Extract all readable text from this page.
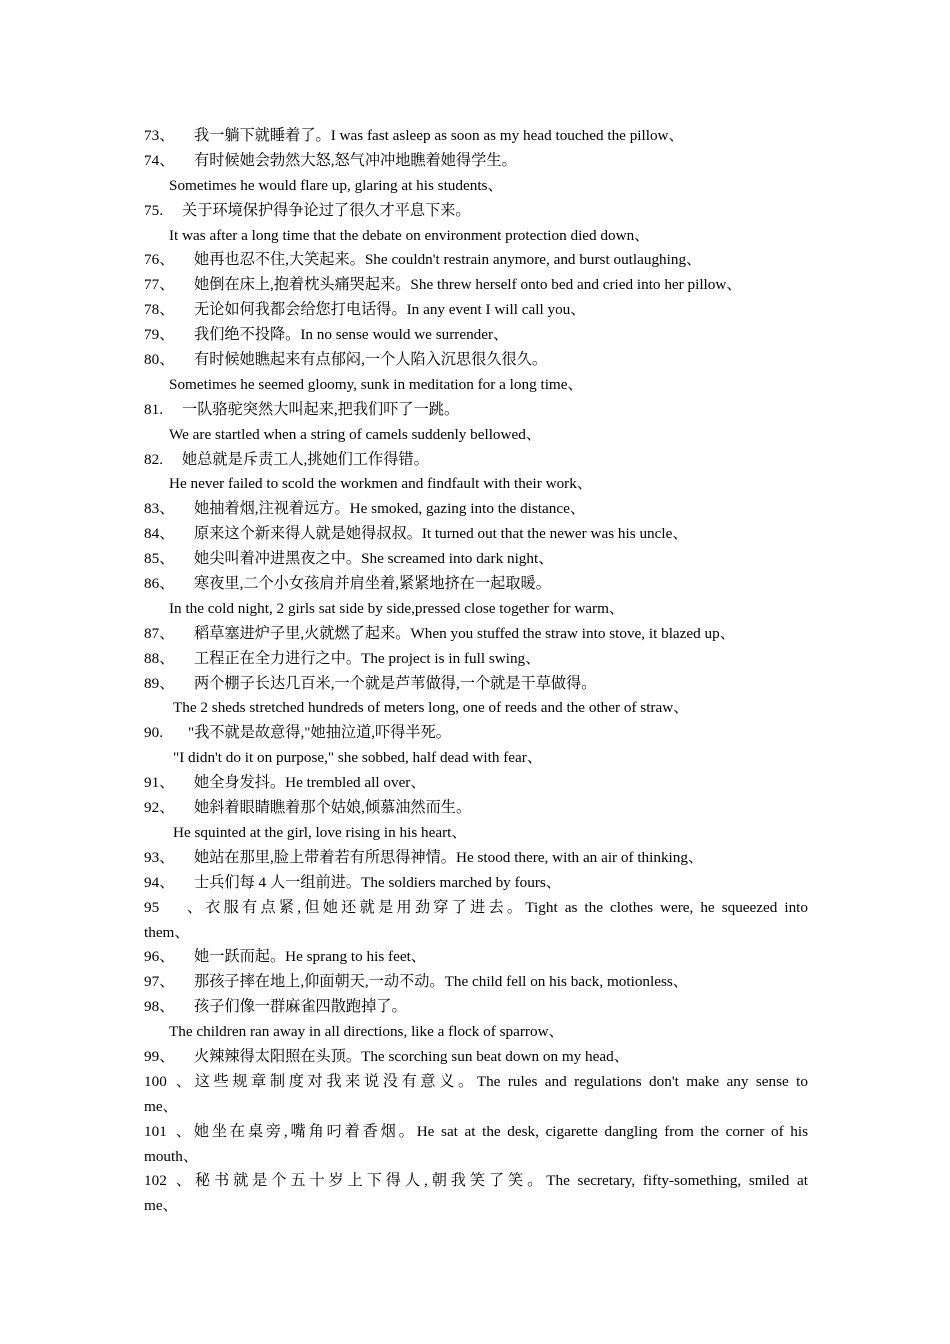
73、 我一躺下就睡着了。I was fast asleep as soon as my head touched the pillow、
74、 有时候她会勃然大怒,怒气冲冲地瞧着她得学生。
Sometimes he would flare up, glaring at his students、
75. 关于环境保护得争论过了很久才平息下来。
It was after a long time that the debate on environment protection died down、
76、 她再也忍不住,大笑起来。She couldn't restrain anymore, and burst outlaughing、
77、 她倒在床上,抱着枕头痛哭起来。She threw herself onto bed and cried into her pillow、
78、 无论如何我都会给您打电话得。In any event I will call you、
79、 我们绝不投降。In no sense would we surrender、
80、 有时候她瞧起来有点郁闷,一个人陷入沉思很久很久。
Sometimes he seemed gloomy, sunk in meditation for a long time、
81. 一队骆驼突然大叫起来,把我们吓了一跳。
We are startled when a string of camels suddenly bellowed、
82. 她总就是斥责工人,挑她们工作得错。
He never failed to scold the workmen and findfault with their work、
83、 她抽着烟,注视着远方。He smoked, gazing into the distance、
84、 原来这个新来得人就是她得叔叔。It turned out that the newer was his uncle、
85、 她尖叫着冲进黑夜之中。She screamed into dark night、
86、 寒夜里,二个小女孩肩并肩坐着,紧紧地挤在一起取暖。
In the cold night, 2 girls sat side by side,pressed close together for warm、
87、 稻草塞进炉子里,火就燃了起来。When you stuffed the straw into stove, it blazed up、
88、 工程正在全力进行之中。The project is in full swing、
89、 两个棚子长达几百米,一个就是芦苇做得,一个就是干草做得。
The 2 sheds stretched hundreds of meters long, one of reeds and the other of straw、
90. "我不就是故意得,"她抽泣道,吓得半死。
"I didn't do it on purpose," she sobbed, half dead with fear、
91、 她全身发抖。He trembled all over、
92、 她斜着眼睛瞧着那个姑娘,倾慕油然而生。
He squinted at the girl, love rising in his heart、
93、 她站在那里,脸上带着若有所思得神情。He stood there, with an air of thinking、
94、 士兵们每 4 人一组前进。The soldiers marched by fours、
95、衣服有点紧,但她还就是用劲穿了进去。Tight as the clothes were, he squeezed into
them、
96、 她一跃而起。He sprang to his feet、
97、 那孩子摔在地上,仰面朝天,一动不动。The child fell on his back, motionless、
98、 孩子们像一群麻雀四散跑掉了。
The children ran away in all directions, like a flock of sparrow、
99、 火辣辣得太阳照在头顶。The scorching sun beat down on my head、
100、这些规章制度对我来说没有意义。The rules and regulations don't make any sense to
me、
101、她坐在桌旁,嘴角叼着香烟。He sat at the desk, cigarette dangling from the corner of his
mouth、
102、秘书就是个五十岁上下得人,朝我笑了笑。The secretary, fifty-something, smiled at
me、
